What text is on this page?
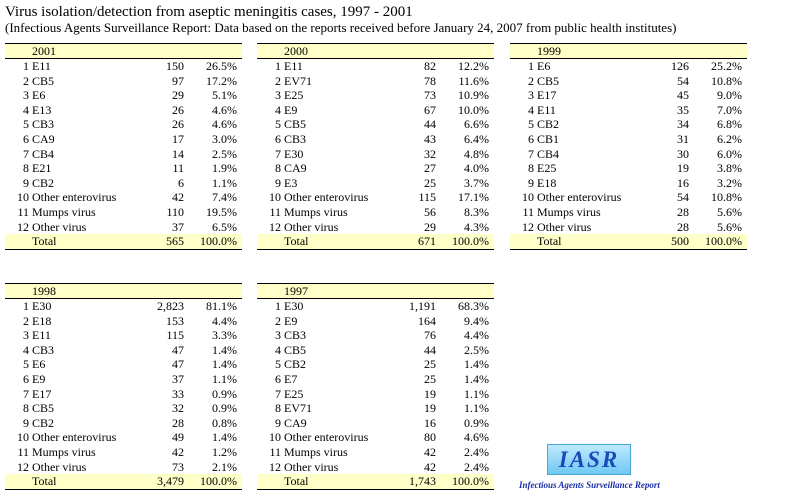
Virus isolation/detection from aseptic meningitis cases, 1997 - 2001
(Infectious Agents Surveillance Report: Data based on the reports received before January 24, 2007 from public health institutes)
2001
1 E11	150 26.5%
2 CB5	97 17.2%
3 E6	29 5.1%
4 E13	26 4.6%
5 CB3	26 4.6%
6 CA9	17 3.0%
7 CB4	14 2.5%
8 E21	11 1.9%
9 CB2	6 1.1%
10 Other enterovirus	42 7.4%
11 Mumps virus	110 19.5%
12 Other virus	37 6.5%
Total	565 100.0%
2000
1 E11	82 12.2%
2 EV71	78 11.6%
3 E25	73 10.9%
4 E9	67 10.0%
5 CB5	44 6.6%
6 CB3	43 6.4%
7 E30	32 4.8%
8 CA9	27 4.0%
9 E3	25 3.7%
10 Other enterovirus	115 17.1%
11 Mumps virus	56 8.3%
12 Other virus	29 4.3%
Total	671 100.0%
1999
1 E6	126 25.2%
2 CB5	54 10.8%
3 E17	45 9.0%
4 E11	35 7.0%
5 CB2	34 6.8%
6 CB1	31 6.2%
7 CB4	30 6.0%
8 E25	19 3.8%
9 E18	16 3.2%
10 Other enterovirus	54 10.8%
11 Mumps virus	28 5.6%
12 Other virus	28 5.6%
Total	500 100.0%
1998
1 E30	2,823 81.1%
2 E18	153 4.4%
3 E11	115 3.3%
4 CB3	47 1.4%
5 E6	47 1.4%
6 E9	37 1.1%
7 E17	33 0.9%
8 CB5	32 0.9%
9 CB2	28 0.8%
10 Other enterovirus	49 1.4%
11 Mumps virus	42 1.2%
12 Other virus	73 2.1%
Total	3,479 100.0%
1997
1 E30	1,191 68.3%
2 E9	164 9.4%
3 CB3	76 4.4%
4 CB5	44 2.5%
5 CB2	25 1.4%
6 E7	25 1.4%
7 E25	19 1.1%
8 EV71	19 1.1%
9 CA9	16 0.9%
10 Other enterovirus	80 4.6%
11 Mumps virus	42 2.4%
12 Other virus	42 2.4%
Total	1,743 100.0%
IASR
Infectious Agents Surveillance Report
